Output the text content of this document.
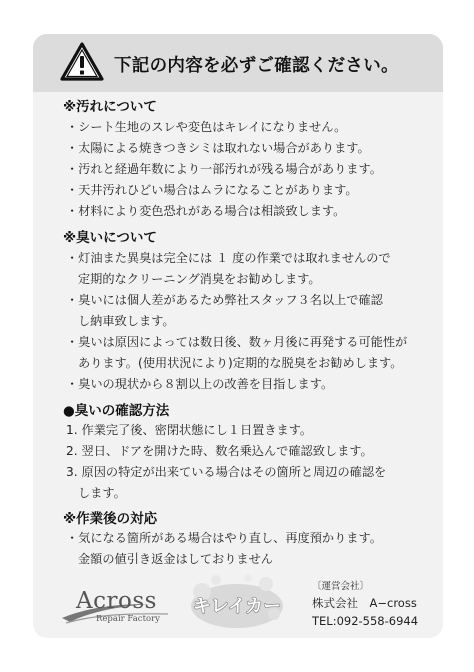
下記の内容を必ずご確認ください。
※汚れについて
・シート生地のスレや変色はキレイになりません。
・太陽による焼きつきシミは取れない場合があります。
・汚れと経過年数により一部汚れが残る場合があります。
・天井汚れひどい場合はムラになることがあります。
・材料により変色恐れがある場合は相談致します。
※臭いについて
・灯油また異臭は完全には １ 度の作業では取れませんので
定期的なクリーニング消臭をお勧めします。
・臭いには個人差があるため弊社スタッフ３名以上で確認
し納車致します。
・臭いは原因によっては数日後、数ヶ月後に再発する可能性が
あります。(使用状況により)定期的な脱臭をお勧めします。
・臭いの現状から８割以上の改善を目指します。
●臭いの確認方法
1. 作業完了後、密閉状態にし１日置きます。
2. 翌日、ドアを開けた時、数名乗込んで確認致します。
3. 原因の特定が出来ている場合はその箇所と周辺の確認を
します。
※作業後の対応
・気になる箇所がある場合はやり直し、再度預かります。
金額の値引き返金はしておりません
Across
Repair Factory
キレイカー
〔運営会社〕
株式会社　A−cross
TEL:092-558-6944
